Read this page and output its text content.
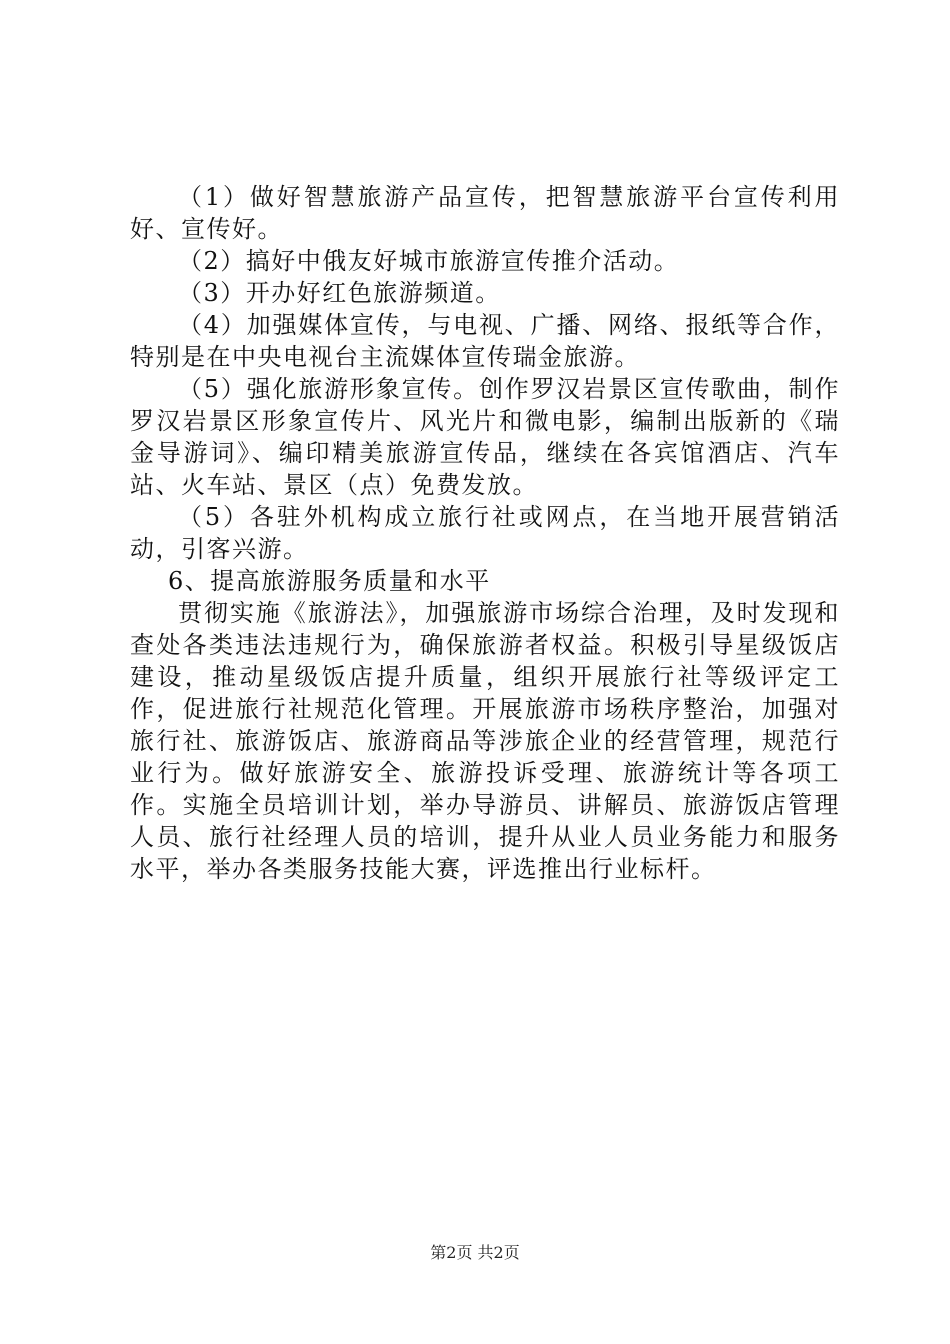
（1）做好智慧旅游产品宣传，把智慧旅游平台宣传利用好、宣传好。

（2）搞好中俄友好城市旅游宣传推介活动。

（3）开办好红色旅游频道。

（4）加强媒体宣传，与电视、广播、网络、报纸等合作，特别是在中央电视台主流媒体宣传瑞金旅游。

（5）强化旅游形象宣传。创作罗汉岩景区宣传歌曲，制作罗汉岩景区形象宣传片、风光片和微电影，编制出版新的《瑞金导游词》、编印精美旅游宣传品，继续在各宾馆酒店、汽车站、火车站、景区（点）免费发放。

（5）各驻外机构成立旅行社或网点，在当地开展营销活动，引客兴游。

6、提高旅游服务质量和水平

贯彻实施《旅游法》，加强旅游市场综合治理，及时发现和查处各类违法违规行为，确保旅游者权益。积极引导星级饭店建设，推动星级饭店提升质量，组织开展旅行社等级评定工作，促进旅行社规范化管理。开展旅游市场秩序整治，加强对旅行社、旅游饭店、旅游商品等涉旅企业的经营管理，规范行业行为。做好旅游安全、旅游投诉受理、旅游统计等各项工作。实施全员培训计划，举办导游员、讲解员、旅游饭店管理人员、旅行社经理人员的培训，提升从业人员业务能力和服务水平，举办各类服务技能大赛，评选推出行业标杆。

第2页 共2页
